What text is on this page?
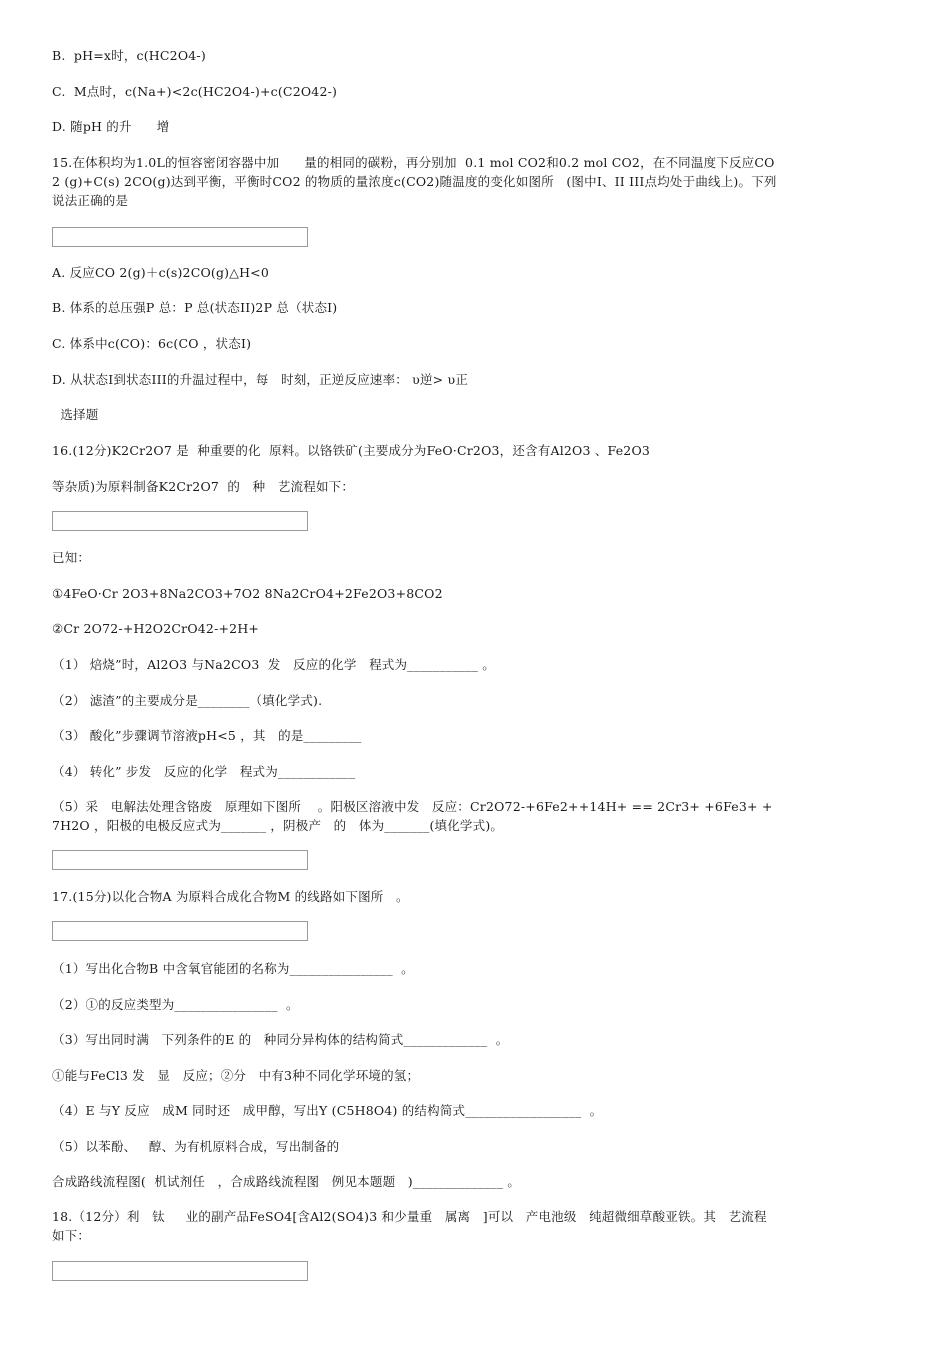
B.  pH=x时，c(HC2O4-)
C.  M点时，c(Na+)<2c(HC2O4-)+c(C2O42-)
D. 随pH 的升      增
15.在体积均为1.0L的恒容密闭容器中加      量的相同的碳粉，再分别加  0.1 mol CO2和0.2 mol CO2，在不同温度下反应CO
2 (g)+C(s) 2CO(g)达到平衡，平衡时CO2 的物质的量浓度c(CO2)随温度的变化如图所   (图中I、II III点均处于曲线上)。下列
说法正确的是
A. 反应CO 2(g)＋c(s)2CO(g)△H<0
B. 体系的总压强P 总：P 总(状态II)2P 总（状态I)
C. 体系中c(CO)：6c(CO ，状态I)
D. 从状态I到状态III的升温过程中，每   时刻，正逆反应速率： υ逆> υ正
选择题
16.(12分)K2Cr2O7 是  种重要的化  原料。以铬铁矿(主要成分为FeO·Cr2O3，还含有Al2O3 、Fe2O3
等杂质)为原料制备K2Cr2O7  的   种   艺流程如下：
已知：
①4FeO·Cr 2O3+8Na2CO3+7O2 8Na2CrO4+2Fe2O3+8CO2
②Cr 2O72-+H2O2CrO42-+2H+
（1） 焙烧”时，Al2O3 与Na2CO3  发   反应的化学   程式为___________ 。
（2） 滤渣”的主要成分是________（填化学式).
（3） 酸化”步骤调节溶液pH<5 ，其   的是_________
（4） 转化” 步发   反应的化学   程式为____________
（5）采   电解法处理含铬废   原理如下图所    。阳极区溶液中发   反应：Cr2O72-+6Fe2++14H+ == 2Cr3+ +6Fe3+ +
7H2O ，阳极的电极反应式为_______ ，阴极产   的   体为_______(填化学式)。
17.(15分)以化合物A 为原料合成化合物M 的线路如下图所   。
（1）写出化合物B 中含氧官能团的名称为________________  。
（2）①的反应类型为________________  。
（3）写出同时满   下列条件的E 的   种同分异构体的结构简式_____________  。
①能与FeCl3 发   显   反应；②分   中有3种不同化学环境的氢；
（4）E 与Y 反应   成M 同时还   成甲醇，写出Y (C5H8O4) 的结构简式__________________  。
（5）以苯酚、   醇、为有机原料合成，写出制备的
合成路线流程图(  机试剂任   ，合成路线流程图   例见本题题   )______________ 。
18.（12分）利   钛     业的副产品FeSO4[含Al2(SO4)3 和少量重   属离   ]可以   产电池级   纯超微细草酸亚铁。其   艺流程
如下：
